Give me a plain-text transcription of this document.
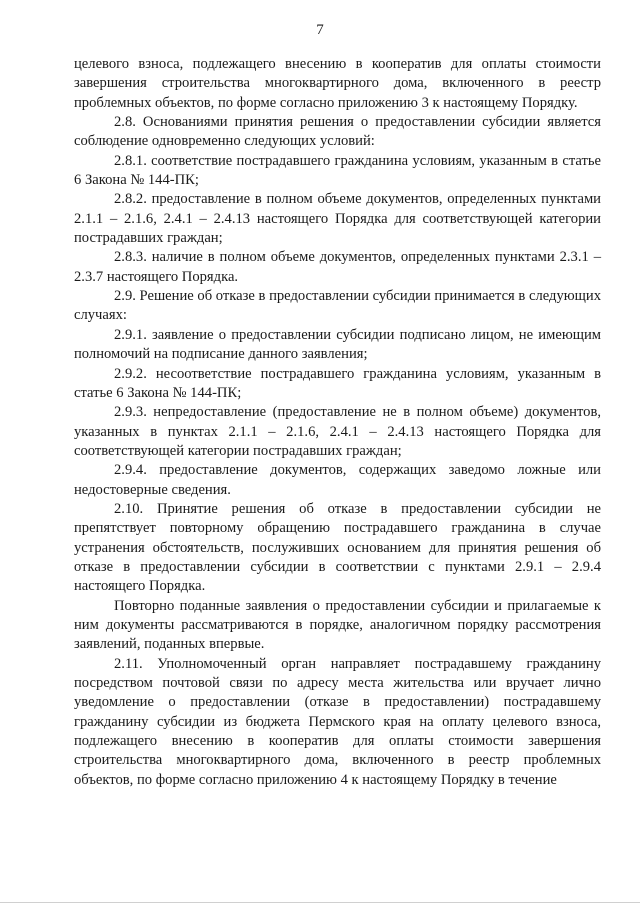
7

целевого взноса, подлежащего внесению в кооператив для оплаты стоимости завершения строительства многоквартирного дома, включенного в реестр проблемных объектов, по форме согласно приложению 3 к настоящему Порядку.

2.8. Основаниями принятия решения о предоставлении субсидии является соблюдение одновременно следующих условий:

2.8.1. соответствие пострадавшего гражданина условиям, указанным в статье 6 Закона № 144-ПК;

2.8.2. предоставление в полном объеме документов, определенных пунктами 2.1.1 – 2.1.6, 2.4.1 – 2.4.13 настоящего Порядка для соответствующей категории пострадавших граждан;

2.8.3. наличие в полном объеме документов, определенных пунктами 2.3.1 – 2.3.7 настоящего Порядка.

2.9. Решение об отказе в предоставлении субсидии принимается в следующих случаях:

2.9.1. заявление о предоставлении субсидии подписано лицом, не имеющим полномочий на подписание данного заявления;

2.9.2. несоответствие пострадавшего гражданина условиям, указанным в статье 6 Закона № 144-ПК;

2.9.3. непредоставление (предоставление не в полном объеме) документов, указанных в пунктах 2.1.1 – 2.1.6, 2.4.1 – 2.4.13 настоящего Порядка для соответствующей категории пострадавших граждан;

2.9.4. предоставление документов, содержащих заведомо ложные или недостоверные сведения.

2.10. Принятие решения об отказе в предоставлении субсидии не препятствует повторному обращению пострадавшего гражданина в случае устранения обстоятельств, послуживших основанием для принятия решения об отказе в предоставлении субсидии в соответствии с пунктами 2.9.1 – 2.9.4 настоящего Порядка.

Повторно поданные заявления о предоставлении субсидии и прилагаемые к ним документы рассматриваются в порядке, аналогичном порядку рассмотрения заявлений, поданных впервые.

2.11. Уполномоченный орган направляет пострадавшему гражданину посредством почтовой связи по адресу места жительства или вручает лично уведомление о предоставлении (отказе в предоставлении) пострадавшему гражданину субсидии из бюджета Пермского края на оплату целевого взноса, подлежащего внесению в кооператив для оплаты стоимости завершения строительства многоквартирного дома, включенного в реестр проблемных объектов, по форме согласно приложению 4 к настоящему Порядку в течение
